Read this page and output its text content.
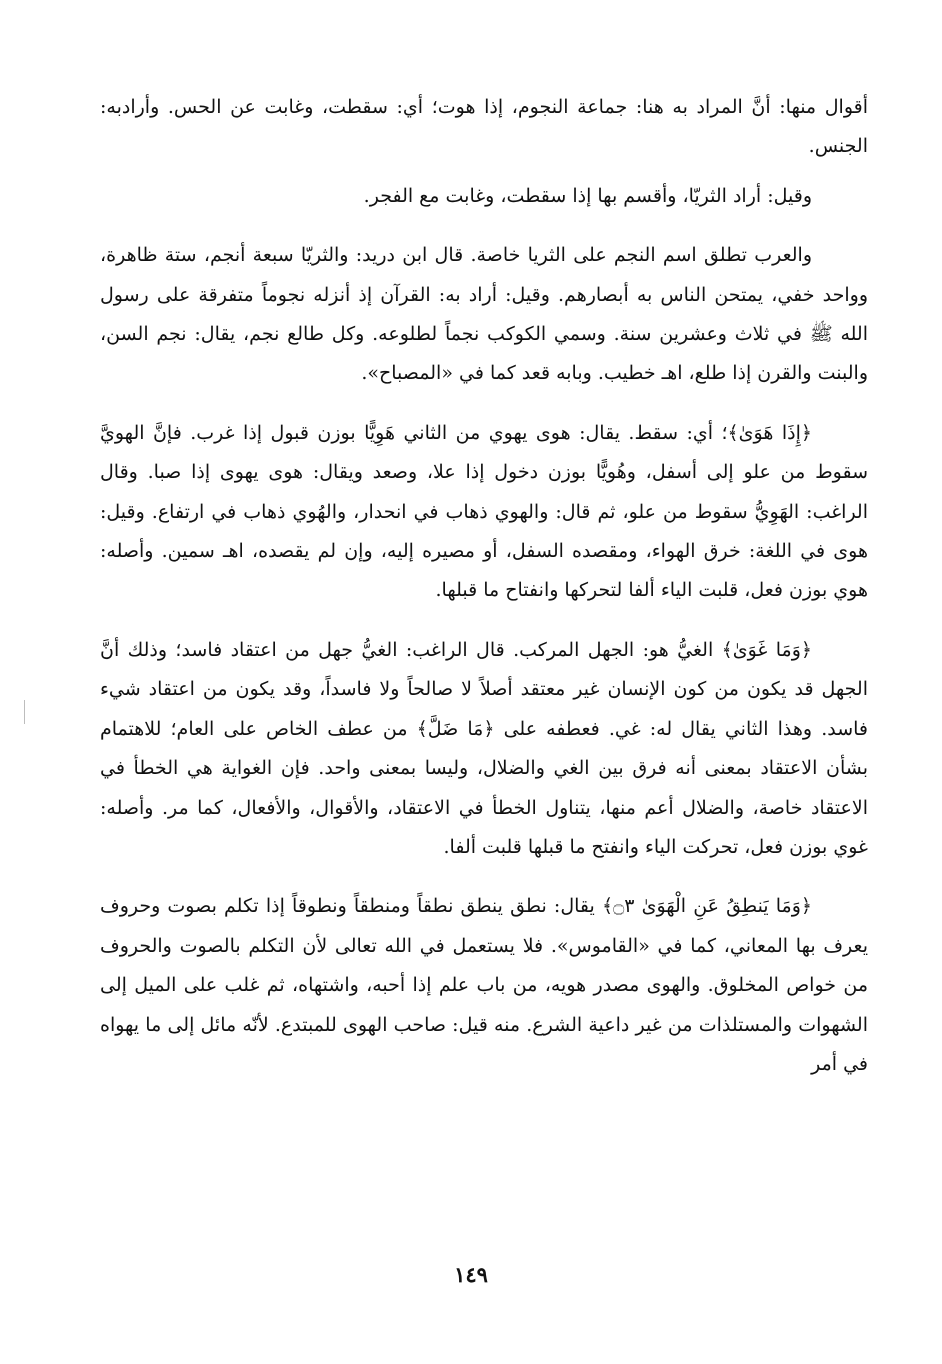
أقوال منها: أنَّ المراد به هنا: جماعة النجوم، إذا هوت؛ أي: سقطت، وغابت عن الحس. وأرادبه: الجنس.

وقيل: أراد الثريّا، وأقسم بها إذا سقطت، وغابت مع الفجر.

والعرب تطلق اسم النجم على الثريا خاصة. قال ابن دريد: والثريّا سبعة أنجم، ستة ظاهرة، وواحد خفي، يمتحن الناس به أبصارهم. وقيل: أراد به: القرآن إذ أنزله نجوماً متفرقة على رسول الله ﷺ في ثلاث وعشرين سنة. وسمي الكوكب نجماً لطلوعه. وكل طالع نجم، يقال: نجم السن، والبنت والقرن إذا طلع، اهـ خطيب. وبابه قعد كما في «المصباح».

﴿إِذَا هَوَىٰ﴾؛ أي: سقط. يقال: هوى يهوي من الثاني هَوِيًّا بوزن قبول إذا غرب. فإنَّ الهويَّ سقوط من علو إلى أسفل، وهُويًّا بوزن دخول إذا علا، وصعد ويقال: هوى يهوى إذا صبا. وقال الراغب: الهَوِيُّ سقوط من علو، ثم قال: والهوي ذهاب في انحدار، والهُوي ذهاب في ارتفاع. وقيل: هوى في اللغة: خرق الهواء، ومقصده السفل، أو مصيره إليه، وإن لم يقصده، اهـ سمين. وأصله: هوي بوزن فعل، قلبت الياء ألفا لتحركها وانفتاح ما قبلها.

﴿وَمَا غَوَىٰ﴾ الغيُّ هو: الجهل المركب. قال الراغب: الغيُّ جهل من اعتقاد فاسد؛ وذلك أنَّ الجهل قد يكون من كون الإنسان غير معتقد أصلاً لا صالحاً ولا فاسداً، وقد يكون من اعتقاد شيء فاسد. وهذا الثاني يقال له: غي. فعطفه على ﴿مَا ضَلَّ﴾ من عطف الخاص على العام؛ للاهتمام بشأن الاعتقاد بمعنى أنه فرق بين الغي والضلال، وليسا بمعنى واحد. فإن الغواية هي الخطأ في الاعتقاد خاصة، والضلال أعم منها، يتناول الخطأ في الاعتقاد، والأقوال، والأفعال، كما مر. وأصله: غوي بوزن فعل، تحركت الياء وانفتح ما قبلها قلبت ألفا.

﴿وَمَا يَنطِقُ عَنِ الْهَوَىٰ ۝٣﴾ يقال: نطق ينطق نطقاً ومنطقاً ونطوقاً إذا تكلم بصوت وحروف يعرف بها المعاني، كما في «القاموس». فلا يستعمل في الله تعالى لأن التكلم بالصوت والحروف من خواص المخلوق. والهوى مصدر هويه، من باب علم إذا أحبه، واشتهاه، ثم غلب على الميل إلى الشهوات والمستلذات من غير داعية الشرع. منه قيل: صاحب الهوى للمبتدع. لأنّه مائل إلى ما يهواه في أمر

١٤٩
